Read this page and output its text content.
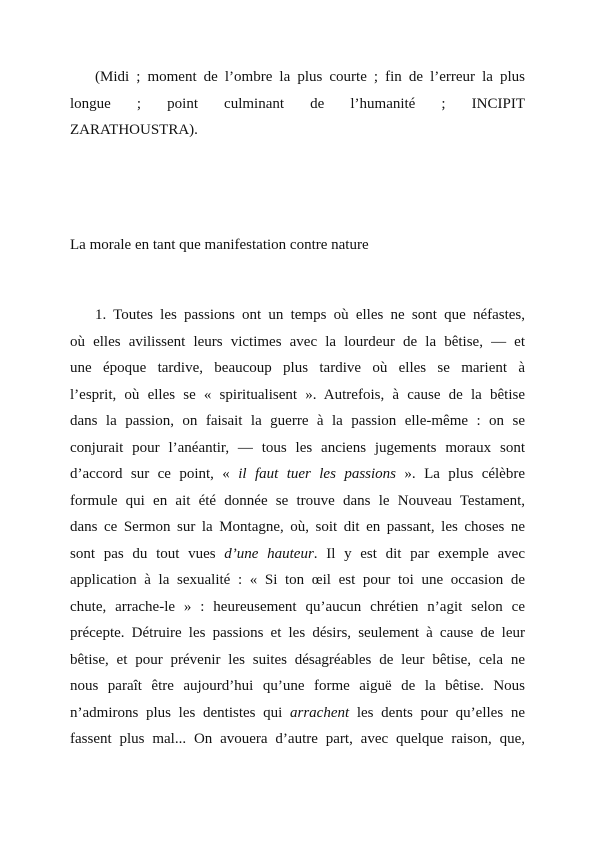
(Midi ; moment de l’ombre la plus courte ; fin de l’erreur la plus
longue ; point culminant de l’humanité ; INCIPIT
ZARATHOUSTRA).
La morale en tant que manifestation contre nature
1. Toutes les passions ont un temps où elles ne sont que néfastes,
où elles avilissent leurs victimes avec la lourdeur de la bêtise, — et
une époque tardive, beaucoup plus tardive où elles se marient à
l’esprit, où elles se « spiritualisent ». Autrefois, à cause de la bêtise
dans la passion, on faisait la guerre à la passion elle-même : on se
conjurait pour l’anéantir, — tous les anciens jugements moraux sont
d’accord sur ce point, « il faut tuer les passions ». La plus célèbre
formule qui en ait été donnée se trouve dans le Nouveau Testament,
dans ce Sermon sur la Montagne, où, soit dit en passant, les choses ne
sont pas du tout vues d’une hauteur. Il y est dit par exemple avec
application à la sexualité : « Si ton œil est pour toi une occasion de
chute, arrache-le » : heureusement qu’aucun chrétien n’agit selon ce
précepte. Détruire les passions et les désirs, seulement à cause de leur
bêtise, et pour prévenir les suites désagréables de leur bêtise, cela ne
nous paraît être aujourd’hui qu’une forme aiguë de la bêtise. Nous
n’admirons plus les dentistes qui arrachent les dents pour qu’elles ne
fassent plus mal... On avouera d’autre part, avec quelque raison, que,
